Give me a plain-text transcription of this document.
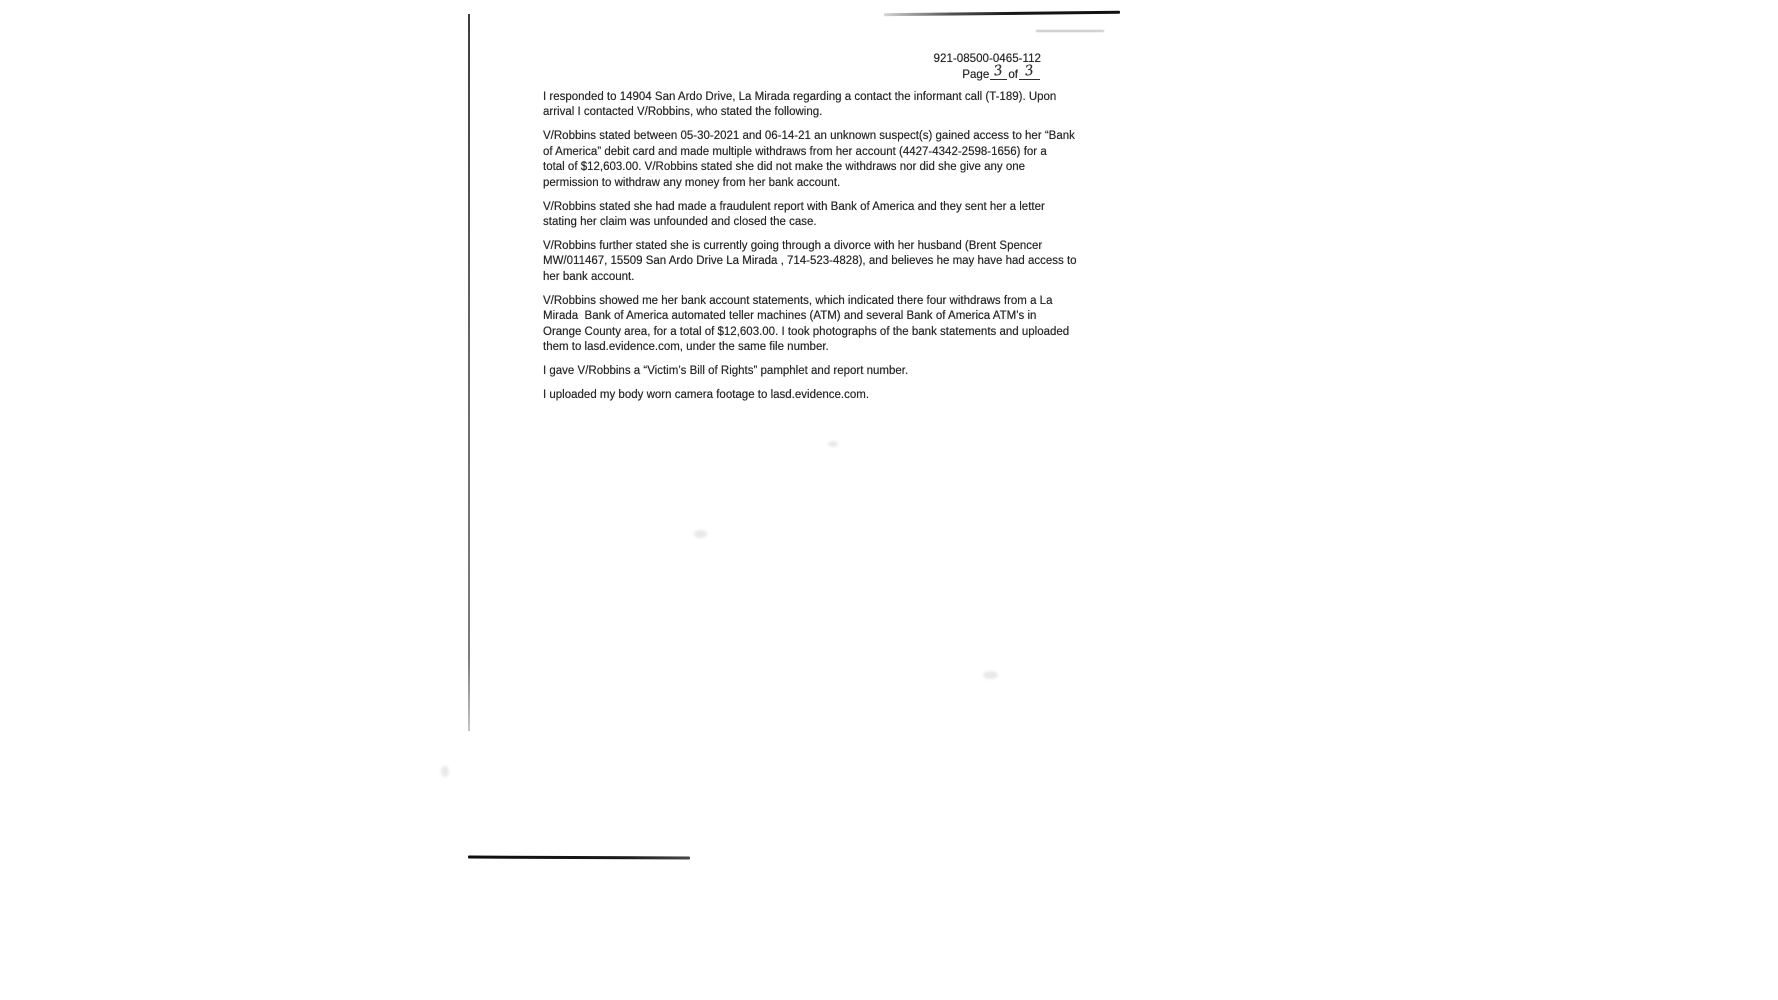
921-08500-0465-112
Page 3 of 3

I responded to 14904 San Ardo Drive, La Mirada regarding a contact the informant call (T-189). Upon
arrival I contacted V/Robbins, who stated the following.

V/Robbins stated between 05-30-2021 and 06-14-21 an unknown suspect(s) gained access to her “Bank
of America” debit card and made multiple withdraws from her account (4427-4342-2598-1656) for a
total of $12,603.00. V/Robbins stated she did not make the withdraws nor did she give any one
permission to withdraw any money from her bank account.

V/Robbins stated she had made a fraudulent report with Bank of America and they sent her a letter
stating her claim was unfounded and closed the case.

V/Robbins further stated she is currently going through a divorce with her husband (Brent Spencer
MW/011467, 15509 San Ardo Drive La Mirada , 714-523-4828), and believes he may have had access to
her bank account.

V/Robbins showed me her bank account statements, which indicated there four withdraws from a La
Mirada  Bank of America automated teller machines (ATM) and several Bank of America ATM’s in
Orange County area, for a total of $12,603.00. I took photographs of the bank statements and uploaded
them to lasd.evidence.com, under the same file number.

I gave V/Robbins a “Victim’s Bill of Rights” pamphlet and report number.

I uploaded my body worn camera footage to lasd.evidence.com.
